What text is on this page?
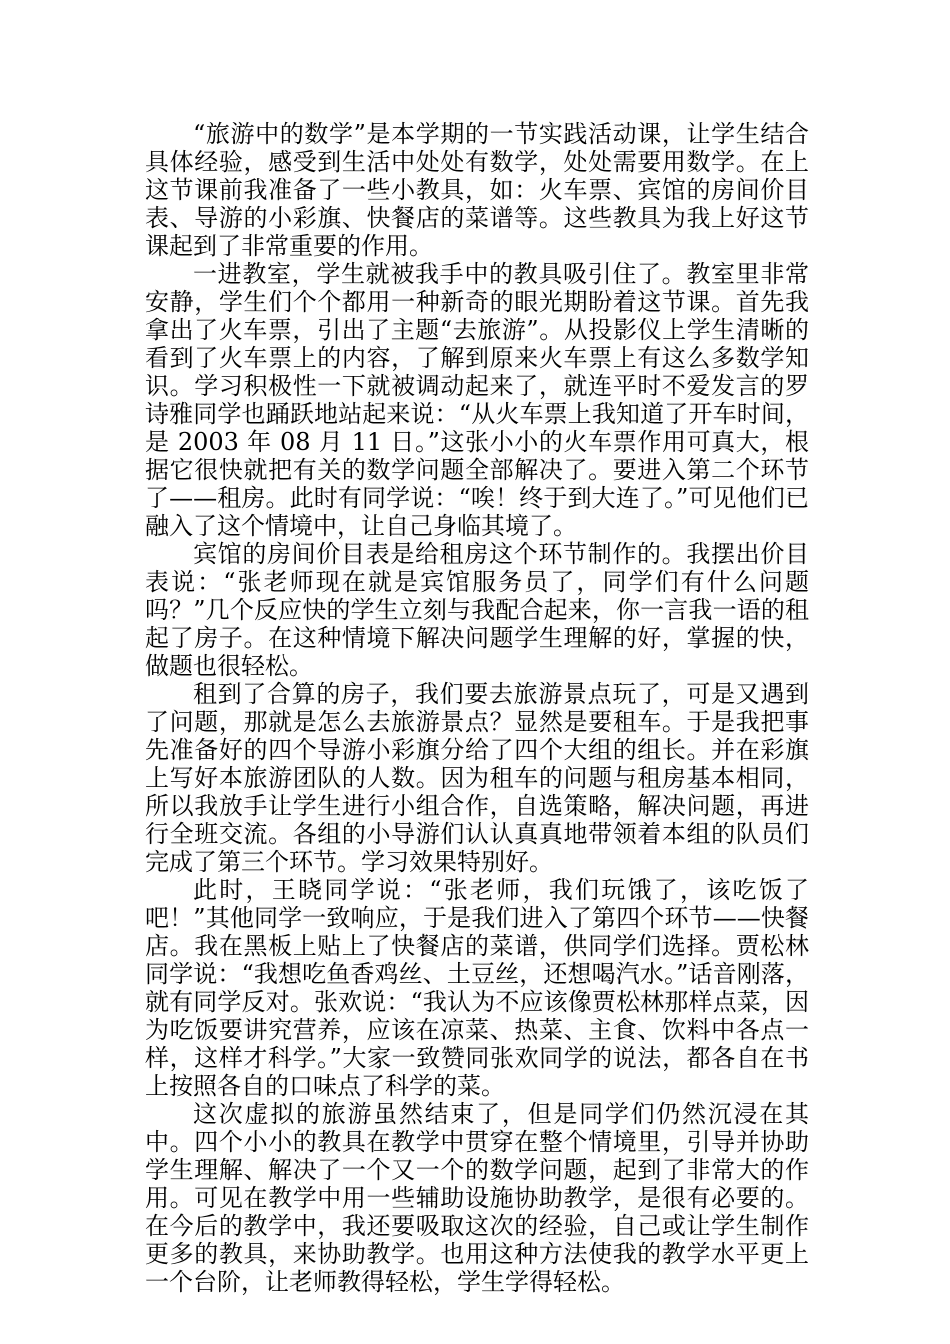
“旅游中的数学”是本学期的一节实践活动课，让学生结合具体经验，感受到生活中处处有数学，处处需要用数学。在上这节课前我准备了一些小教具，如：火车票、宾馆的房间价目表、导游的小彩旗、快餐店的菜谱等。这些教具为我上好这节课起到了非常重要的作用。

一进教室，学生就被我手中的教具吸引住了。教室里非常安静，学生们个个都用一种新奇的眼光期盼着这节课。首先我拿出了火车票，引出了主题“去旅游”。从投影仪上学生清晰的看到了火车票上的内容，了解到原来火车票上有这么多数学知识。学习积极性一下就被调动起来了，就连平时不爱发言的罗诗雅同学也踊跃地站起来说：“从火车票上我知道了开车时间，是 2003 年 08 月 11 日。”这张小小的火车票作用可真大，根据它很快就把有关的数学问题全部解决了。要进入第二个环节了——租房。此时有同学说：“唉！终于到大连了。”可见他们已融入了这个情境中，让自己身临其境了。

宾馆的房间价目表是给租房这个环节制作的。我摆出价目表说：“张老师现在就是宾馆服务员了，同学们有什么问题吗？”几个反应快的学生立刻与我配合起来，你一言我一语的租起了房子。在这种情境下解决问题学生理解的好，掌握的快，做题也很轻松。

租到了合算的房子，我们要去旅游景点玩了，可是又遇到了问题，那就是怎么去旅游景点？显然是要租车。于是我把事先准备好的四个导游小彩旗分给了四个大组的组长。并在彩旗上写好本旅游团队的人数。因为租车的问题与租房基本相同，所以我放手让学生进行小组合作，自选策略，解决问题，再进行全班交流。各组的小导游们认认真真地带领着本组的队员们完成了第三个环节。学习效果特别好。

此时，王晓同学说：“张老师，我们玩饿了，该吃饭了吧！”其他同学一致响应，于是我们进入了第四个环节——快餐店。我在黑板上贴上了快餐店的菜谱，供同学们选择。贾松林同学说：“我想吃鱼香鸡丝、土豆丝，还想喝汽水。”话音刚落，就有同学反对。张欢说：“我认为不应该像贾松林那样点菜，因为吃饭要讲究营养，应该在凉菜、热菜、主食、饮料中各点一样，这样才科学。”大家一致赞同张欢同学的说法，都各自在书上按照各自的口味点了科学的菜。

这次虚拟的旅游虽然结束了，但是同学们仍然沉浸在其中。四个小小的教具在教学中贯穿在整个情境里，引导并协助学生理解、解决了一个又一个的数学问题，起到了非常大的作用。可见在教学中用一些辅助设施协助教学，是很有必要的。在今后的教学中，我还要吸取这次的经验，自己或让学生制作更多的教具，来协助教学。也用这种方法使我的教学水平更上一个台阶，让老师教得轻松，学生学得轻松。
